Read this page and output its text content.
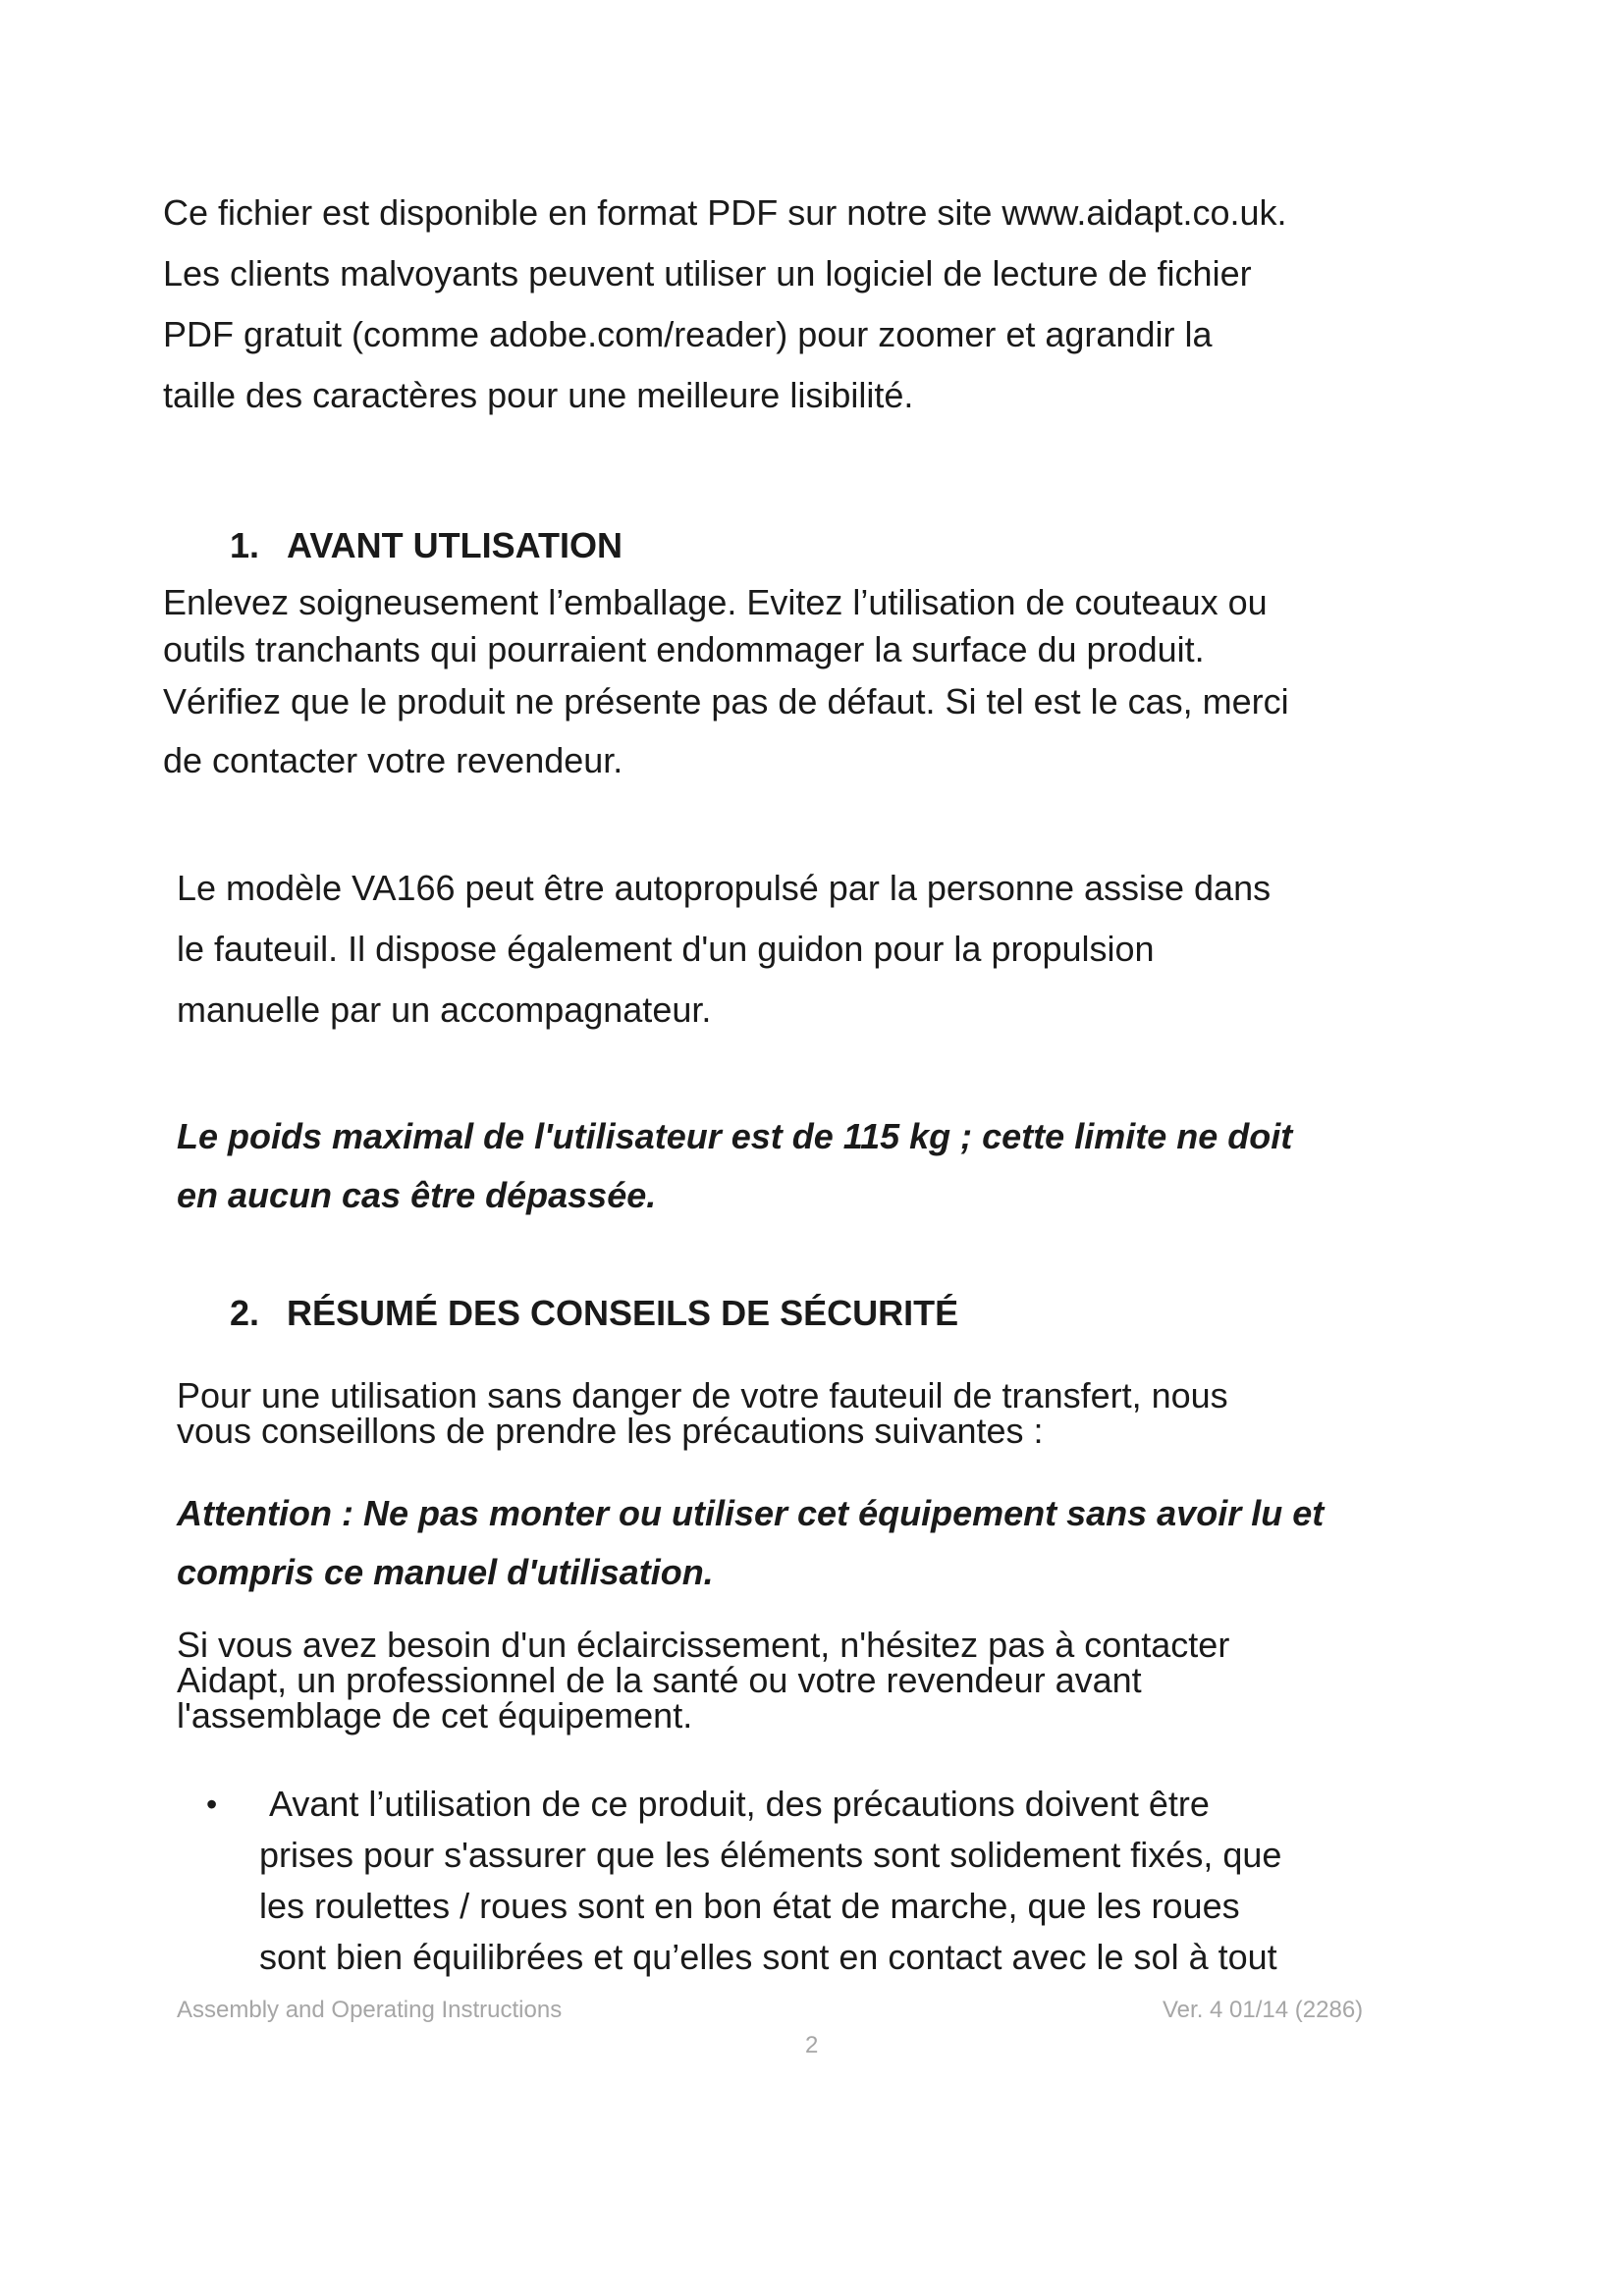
Ce fichier est disponible en format PDF sur notre site www.aidapt.co.uk.
Les clients malvoyants peuvent utiliser un logiciel de lecture de fichier
PDF gratuit (comme adobe.com/reader) pour zoomer et agrandir la
taille des caractères pour une meilleure lisibilité.
1. AVANT UTLISATION
Enlevez soigneusement l’emballage. Evitez l’utilisation de couteaux ou
outils tranchants qui pourraient endommager la surface du produit.
Vérifiez que le produit ne présente pas de défaut. Si tel est le cas, merci
de contacter votre revendeur.
Le modèle VA166 peut être autopropulsé par la personne assise dans
le fauteuil. Il dispose également d'un guidon pour la propulsion
manuelle par un accompagnateur.
Le poids maximal de l'utilisateur est de 115 kg ; cette limite ne doit
en aucun cas être dépassée.
2. RÉSUMÉ DES CONSEILS DE SÉCURITÉ
Pour une utilisation sans danger de votre fauteuil de transfert, nous
vous conseillons de prendre les précautions suivantes :
Attention : Ne pas monter ou utiliser cet équipement sans avoir lu et
compris ce manuel d'utilisation.
Si vous avez besoin d'un éclaircissement, n'hésitez pas à contacter
Aidapt, un professionnel de la santé ou votre revendeur avant
l'assemblage de cet équipement.
• Avant l’utilisation de ce produit, des précautions doivent être
prises pour s'assurer que les éléments sont solidement fixés, que
les roulettes / roues sont en bon état de marche, que les roues
sont bien équilibrées et qu’elles sont en contact avec le sol à tout
Assembly and Operating Instructions	Ver. 4 01/14 (2286)
2
